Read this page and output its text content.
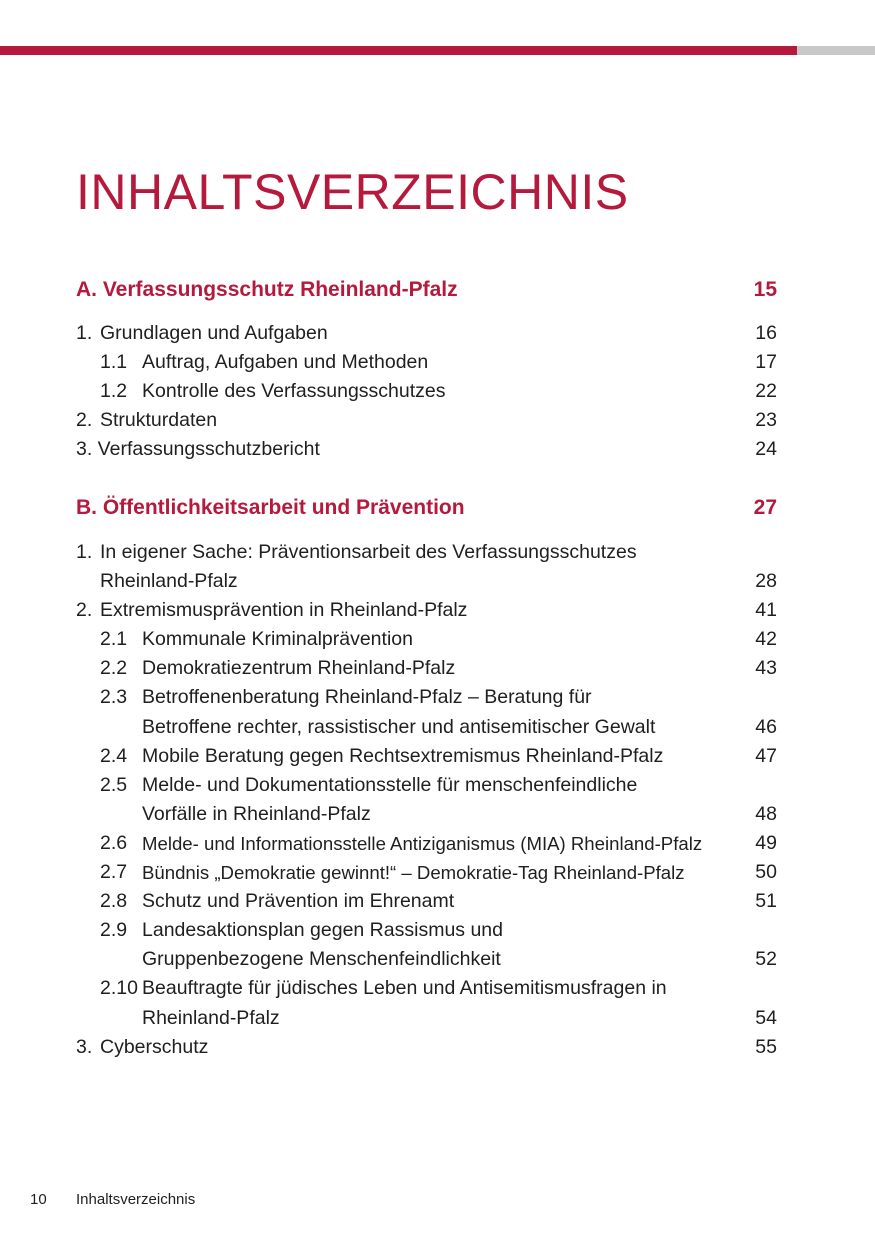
INHALTSVERZEICHNIS
A. Verfassungsschutz Rheinland-Pfalz	15
1. Grundlagen und Aufgaben	16
1.1 Auftrag, Aufgaben und Methoden	17
1.2 Kontrolle des Verfassungsschutzes	22
2. Strukturdaten	23
3. Verfassungsschutzbericht	24
B. Öffentlichkeitsarbeit und Prävention	27
1. In eigener Sache: Präventionsarbeit des Verfassungsschutzes
Rheinland-Pfalz	28
2. Extremismusprävention in Rheinland-Pfalz	41
2.1 Kommunale Kriminalprävention	42
2.2 Demokratiezentrum Rheinland-Pfalz	43
2.3 Betroffenenberatung Rheinland-Pfalz – Beratung für
Betroffene rechter, rassistischer und antisemitischer Gewalt	46
2.4 Mobile Beratung gegen Rechtsextremismus Rheinland-Pfalz	47
2.5 Melde- und Dokumentationsstelle für menschenfeindliche
Vorfälle in Rheinland-Pfalz	48
2.6 Melde- und Informationsstelle Antiziganismus (MIA) Rheinland-Pfalz	49
2.7 Bündnis „Demokratie gewinnt!“ – Demokratie-Tag Rheinland-Pfalz	50
2.8 Schutz und Prävention im Ehrenamt	51
2.9 Landesaktionsplan gegen Rassismus und
Gruppenbezogene Menschenfeindlichkeit	52
2.10 Beauftragte für jüdisches Leben und Antisemitismusfragen in
Rheinland-Pfalz	54
3. Cyberschutz	55
10 Inhaltsverzeichnis
